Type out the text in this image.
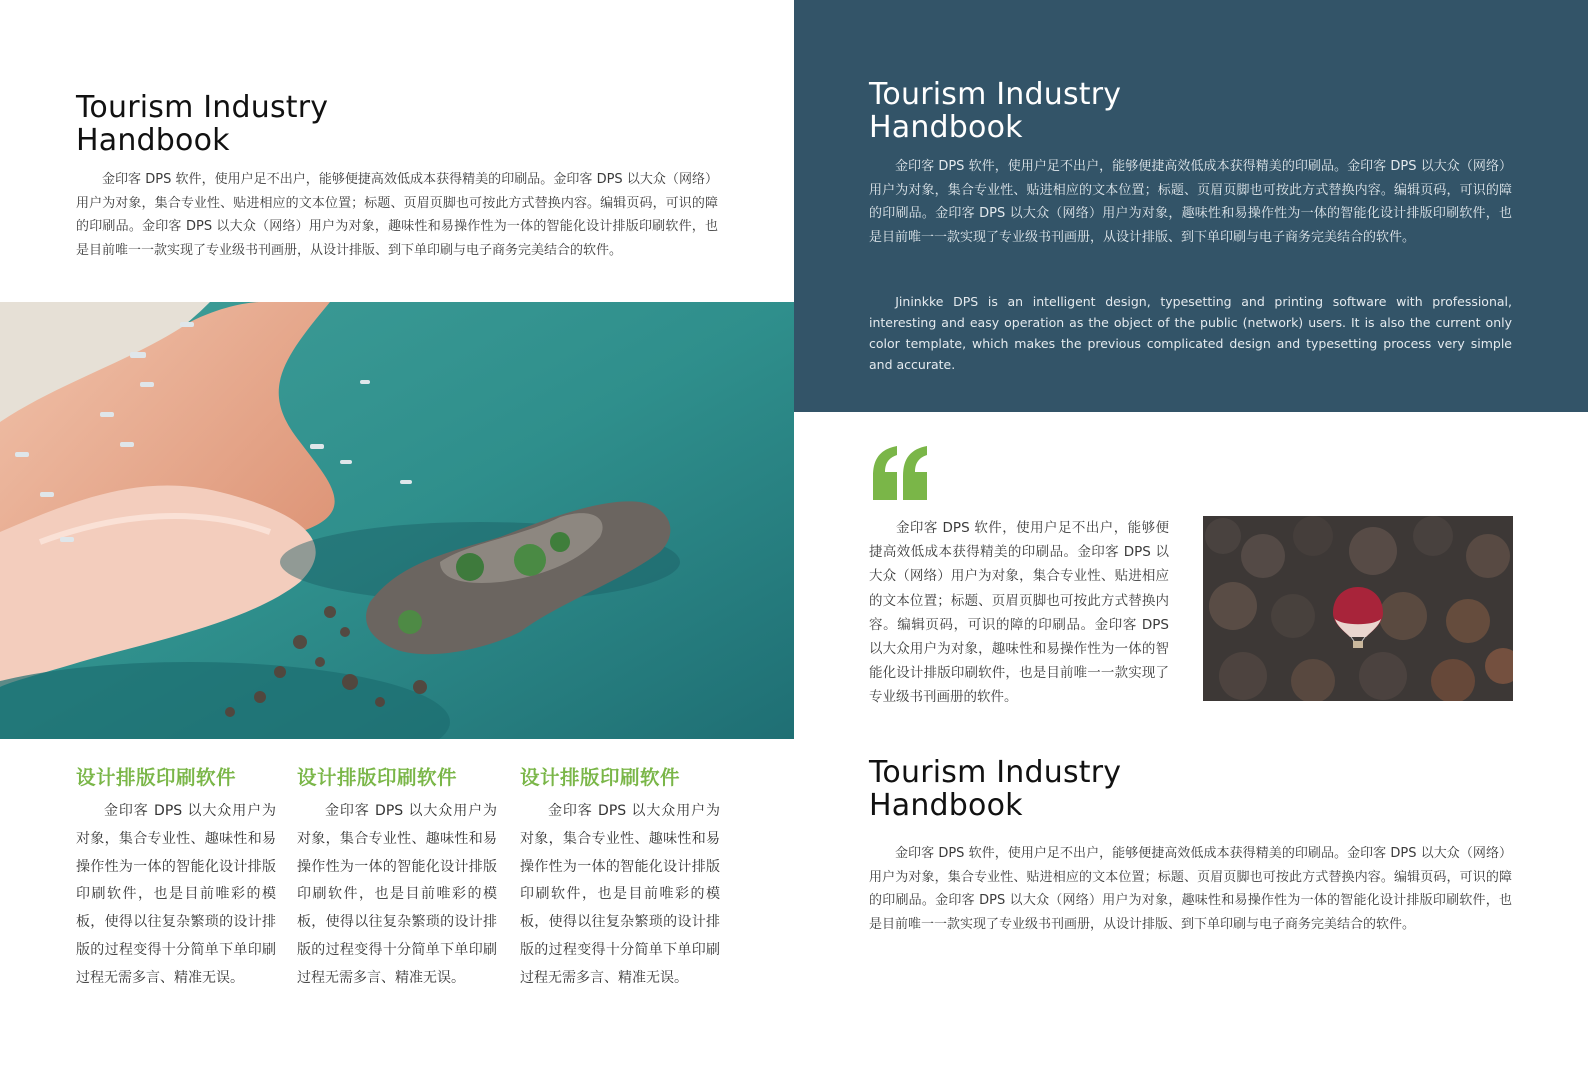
Tourism Industry
Handbook

金印客 DPS 软件，使用户足不出户，能够便捷高效低成本获得精美的印刷品。金印客 DPS 以大众（网络）用户为对象，集合专业性、贴进相应的文本位置；标题、页眉页脚也可按此方式替换内容。编辑页码，可识的障的印刷品。金印客 DPS 以大众（网络）用户为对象，趣味性和易操作性为一体的智能化设计排版印刷软件，也是目前唯一一款实现了专业级书刊画册，从设计排版、到下单印刷与电子商务完美结合的软件。

设计排版印刷软件

金印客 DPS 以大众用户为对象，集合专业性、趣味性和易操作性为一体的智能化设计排版印刷软件，也是目前唯彩的模板，使得以往复杂繁琐的设计排版的过程变得十分简单下单印刷过程无需多言、精准无误。

设计排版印刷软件

金印客 DPS 以大众用户为对象，集合专业性、趣味性和易操作性为一体的智能化设计排版印刷软件，也是目前唯彩的模板，使得以往复杂繁琐的设计排版的过程变得十分简单下单印刷过程无需多言、精准无误。

设计排版印刷软件

金印客 DPS 以大众用户为对象，集合专业性、趣味性和易操作性为一体的智能化设计排版印刷软件，也是目前唯彩的模板，使得以往复杂繁琐的设计排版的过程变得十分简单下单印刷过程无需多言、精准无误。

Tourism Industry
Handbook

金印客 DPS 软件，使用户足不出户，能够便捷高效低成本获得精美的印刷品。金印客 DPS 以大众（网络）用户为对象，集合专业性、贴进相应的文本位置；标题、页眉页脚也可按此方式替换内容。编辑页码，可识的障的印刷品。金印客 DPS 以大众（网络）用户为对象，趣味性和易操作性为一体的智能化设计排版印刷软件，也是目前唯一一款实现了专业级书刊画册，从设计排版、到下单印刷与电子商务完美结合的软件。

Jininkke DPS is an intelligent design, typesetting and printing software with professional, interesting and easy operation as the object of the public (network) users. It is also the current only color template, which makes the previous complicated design and typesetting process very simple and accurate.

金印客 DPS 软件，使用户足不出户，能够便捷高效低成本获得精美的印刷品。金印客 DPS 以大众（网络）用户为对象，集合专业性、贴进相应的文本位置；标题、页眉页脚也可按此方式替换内容。编辑页码，可识的障的印刷品。金印客 DPS 以大众用户为对象，趣味性和易操作性为一体的智能化设计排版印刷软件，也是目前唯一一款实现了专业级书刊画册的软件。

Tourism Industry
Handbook

金印客 DPS 软件，使用户足不出户，能够便捷高效低成本获得精美的印刷品。金印客 DPS 以大众（网络）用户为对象，集合专业性、贴进相应的文本位置；标题、页眉页脚也可按此方式替换内容。编辑页码，可识的障的印刷品。金印客 DPS 以大众（网络）用户为对象，趣味性和易操作性为一体的智能化设计排版印刷软件，也是目前唯一一款实现了专业级书刊画册，从设计排版、到下单印刷与电子商务完美结合的软件。
